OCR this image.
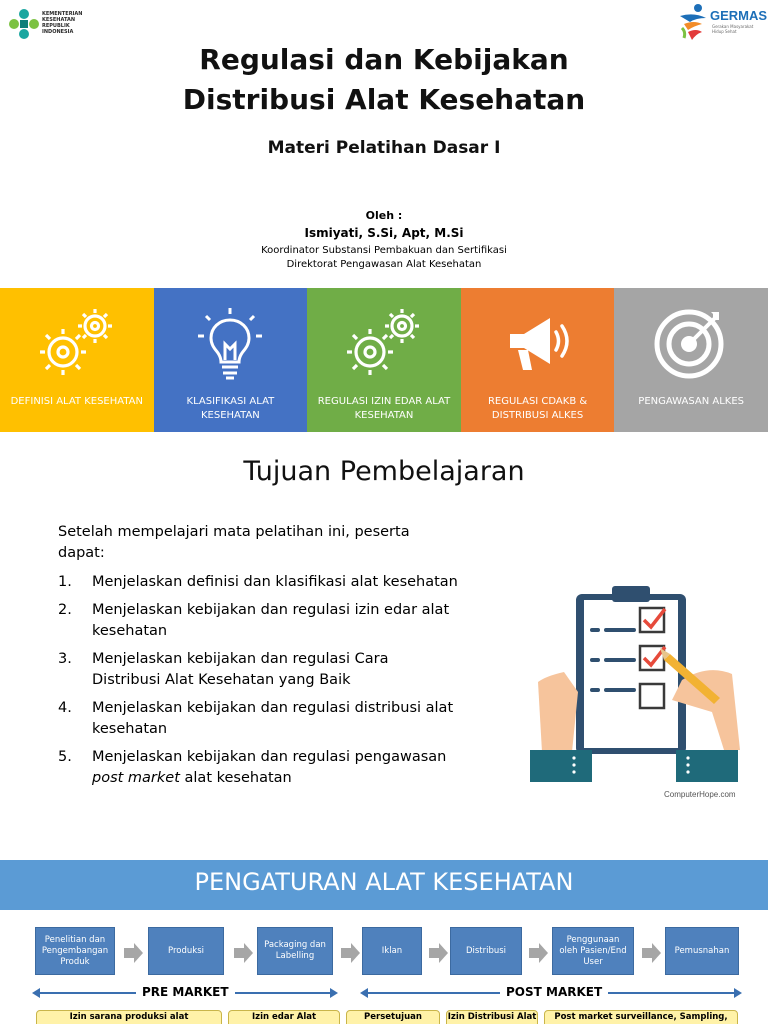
KEMENTERIAN KESEHATAN REPUBLIK INDONESIA
GERMAS
Gerakan Masyarakat Hidup Sehat
Regulasi dan Kebijakan
Distribusi Alat Kesehatan
Materi Pelatihan Dasar I
Oleh :
Ismiyati, S.Si, Apt, M.Si
Koordinator Substansi Pembakuan dan Sertifikasi
Direktorat Pengawasan Alat Kesehatan
DEFINISI ALAT KESEHATAN	KLASIFIKASI ALAT KESEHATAN
REGULASI IZIN EDAR ALAT KESEHATAN
REGULASI CDAKB & DISTRIBUSI ALKES
PENGAWASAN ALKES
Tujuan Pembelajaran
Setelah mempelajari mata pelatihan ini, peserta dapat:
1. Menjelaskan definisi dan klasifikasi alat kesehatan
2. Menjelaskan kebijakan dan regulasi izin edar alat kesehatan
3. Menjelaskan kebijakan dan regulasi Cara Distribusi Alat Kesehatan yang Baik
4. Menjelaskan kebijakan dan regulasi distribusi alat kesehatan
5. Menjelaskan kebijakan dan regulasi pengawasan post market alat kesehatan
ComputerHope.com
PENGATURAN ALAT KESEHATAN
Penelitian dan Pengembangan Produk
Produksi
Packaging dan Labelling
Iklan	Distribusi
Penggunaan oleh Pasien/End User
Pemusnahan
PRE MARKET	POST MARKET
Izin sarana produksi alat	Izin edar Alat	Persetujuan	Izin Distribusi Alat	Post market surveillance, Sampling,
